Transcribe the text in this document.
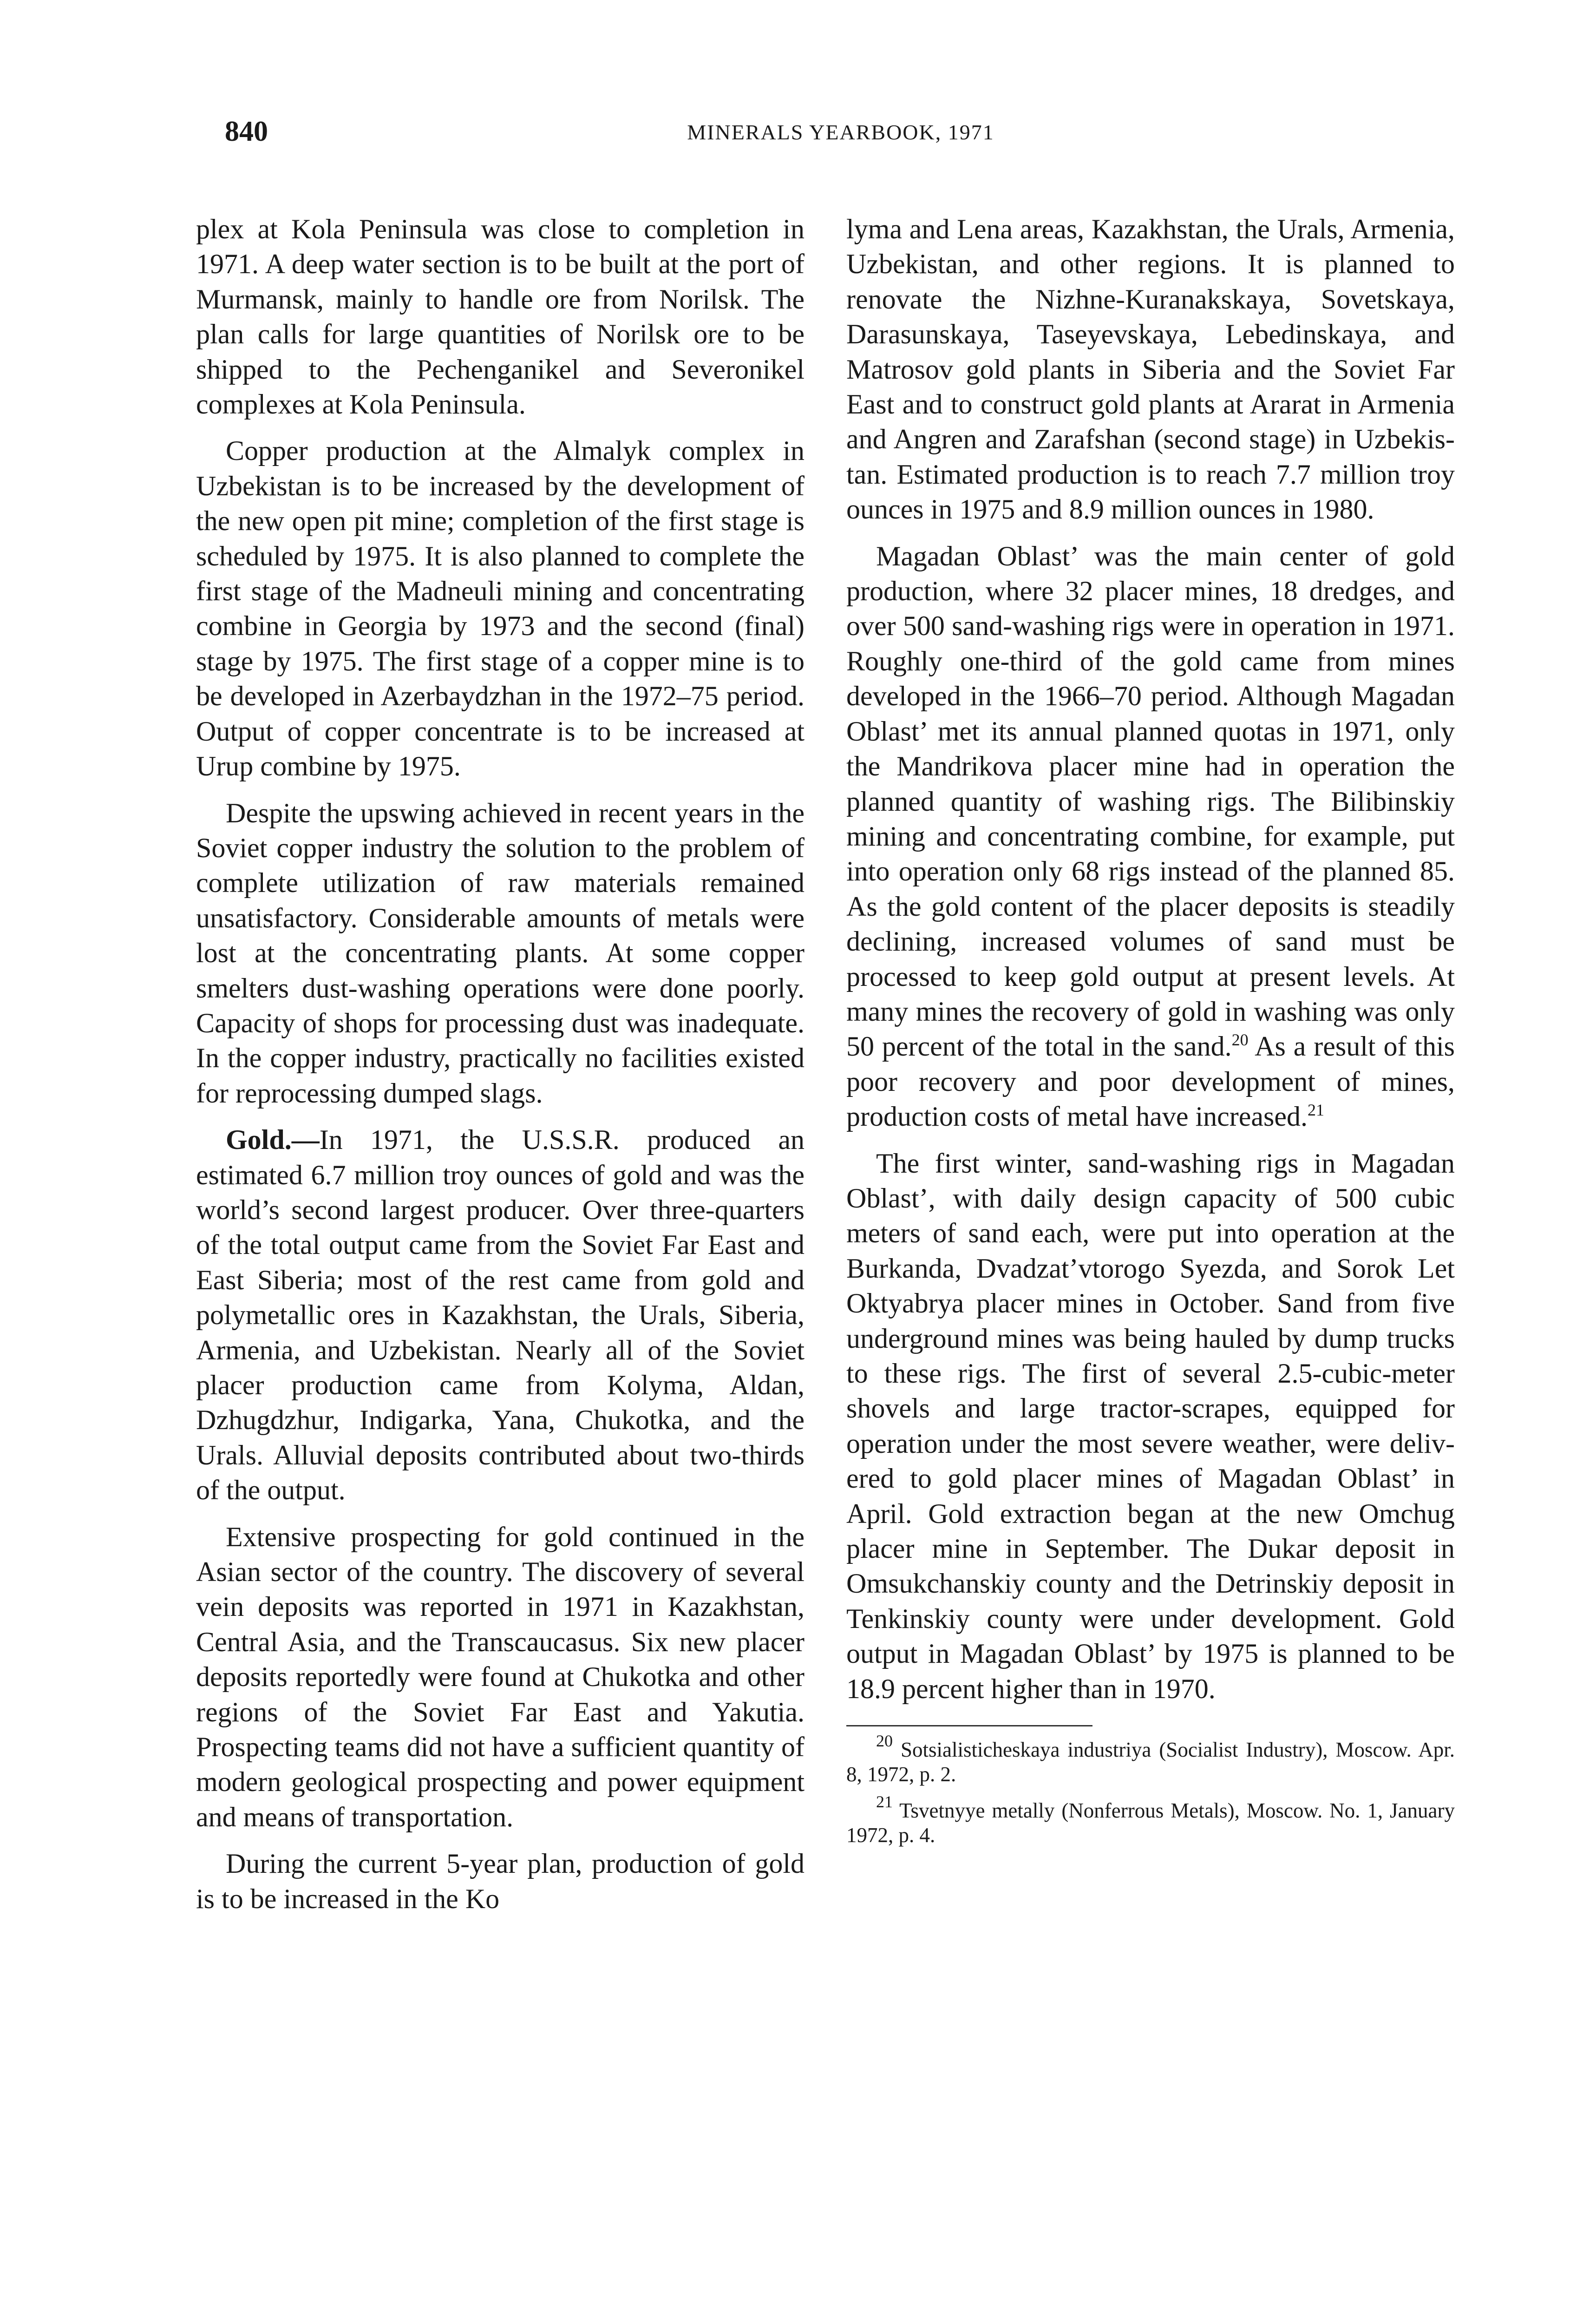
840	MINERALS YEARBOOK, 1971

plex at Kola Peninsula was close to completion in 1971. A deep water section is to be built at the port of Murmansk, mainly to handle ore from Norilsk. The plan calls for large quantities of Norilsk ore to be shipped to the Pechenganikel and Severonikel complexes at Kola Peninsula.

Copper production at the Almalyk complex in Uzbekistan is to be increased by the development of the new open pit mine; completion of the first stage is scheduled by 1975. It is also planned to complete the first stage of the Madneuli mining and concentrating combine in Georgia by 1973 and the second (final) stage by 1975. The first stage of a copper mine is to be developed in Azerbaydzhan in the 1972–75 period. Output of copper concentrate is to be increased at Urup combine by 1975.

Despite the upswing achieved in recent years in the Soviet copper industry the solution to the problem of complete utilization of raw materials remained unsatisfactory. Considerable amounts of metals were lost at the concentrating plants. At some copper smelters dust-washing operations were done poorly. Capacity of shops for processing dust was inadequate. In the copper industry, practically no facilities existed for reprocessing dumped slags.

Gold.—In 1971, the U.S.S.R. produced an estimated 6.7 million troy ounces of gold and was the world’s second largest producer. Over three-quarters of the total output came from the Soviet Far East and East Siberia; most of the rest came from gold and polymetallic ores in Kazakhstan, the Urals, Siberia, Armenia, and Uzbekistan. Nearly all of the Soviet placer production came from Kolyma, Aldan, Dzhugdzhur, Indigarka, Yana, Chukotka, and the Urals. Alluvial deposits contributed about two-thirds of the output.

Extensive prospecting for gold continued in the Asian sector of the country. The discovery of several vein deposits was reported in 1971 in Kazakhstan, Central Asia, and the Transcaucasus. Six new placer deposits reportedly were found at Chukotka and other regions of the Soviet Far East and Yakutia. Prospecting teams did not have a sufficient quantity of modern geological prospecting and power equipment and means of transportation.

During the current 5-year plan, production of gold is to be increased in the Ko

lyma and Lena areas, Kazakhstan, the Urals, Armenia, Uzbekistan, and other regions. It is planned to renovate the Nizhne-Kuranakskaya, Sovetskaya, Darasunskaya, Taseyevskaya, Lebedinskaya, and Matrosov gold plants in Siberia and the Soviet Far East and to construct gold plants at Ararat in Armenia and Angren and Zarafshan (second stage) in Uzbekistan. Estimated production is to reach 7.7 million troy ounces in 1975 and 8.9 million ounces in 1980.

Magadan Oblast’ was the main center of gold production, where 32 placer mines, 18 dredges, and over 500 sand-washing rigs were in operation in 1971. Roughly one-third of the gold came from mines developed in the 1966–70 period. Although Magadan Oblast’ met its annual planned quotas in 1971, only the Mandrikova placer mine had in operation the planned quantity of washing rigs. The Bilibinskiy mining and concentrating combine, for example, put into operation only 68 rigs instead of the planned 85. As the gold content of the placer deposits is steadily declining, increased volumes of sand must be processed to keep gold output at present levels. At many mines the recovery of gold in washing was only 50 percent of the total in the sand.$^{20}$ As a result of this poor recovery and poor development of mines, production costs of metal have increased.$^{21}$

The first winter, sand-washing rigs in Magadan Oblast’, with daily design capacity of 500 cubic meters of sand each, were put into operation at the Burkanda, Dvadzat’vtorogo Syezda, and Sorok Let Oktyabrya placer mines in October. Sand from five underground mines was being hauled by dump trucks to these rigs. The first of several 2.5-cubic-meter shovels and large tractor-scrapes, equipped for operation under the most severe weather, were delivered to gold placer mines of Magadan Oblast’ in April. Gold extraction began at the new Omchug placer mine in September. The Dukar deposit in Omsukchanskiy county and the Detrinskiy deposit in Tenkinskiy county were under development. Gold output in Magadan Oblast’ by 1975 is planned to be 18.9 percent higher than in 1970.

$^{20}$ Sotsialisticheskaya industriya (Socialist Industry), Moscow. Apr. 8, 1972, p. 2.

$^{21}$ Tsvetnyye metally (Nonferrous Metals), Moscow. No. 1, January 1972, p. 4.
